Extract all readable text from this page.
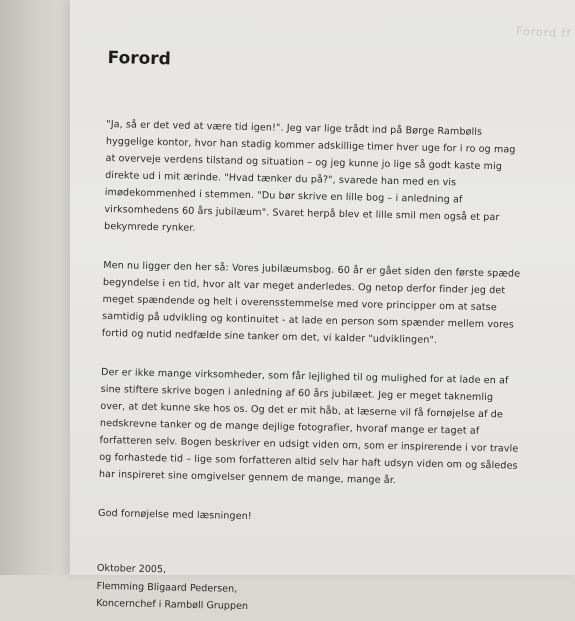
Forord ff
Forord

"Ja, så er det ved at være tid igen!". Jeg var lige trådt ind på Børge Rambølls hyggelige kontor, hvor han stadig kommer adskillige timer hver uge for i ro og mag at overveje verdens tilstand og situation – og jeg kunne jo lige så godt kaste mig direkte ud i mit ærinde. "Hvad tænker du på?", svarede han med en vis imødekommenhed i stemmen. "Du bør skrive en lille bog – i anledning af virksomhedens 60 års jubilæum". Svaret herpå blev et lille smil men også et par bekymrede rynker.

Men nu ligger den her så: Vores jubilæumsbog. 60 år er gået siden den første spæde begyndelse i en tid, hvor alt var meget anderledes. Og netop derfor finder jeg det meget spændende og helt i overensstemmelse med vore principper om at satse samtidig på udvikling og kontinuitet - at lade en person som spænder mellem vores fortid og nutid nedfælde sine tanker om det, vi kalder "udviklingen".

Der er ikke mange virksomheder, som får lejlighed til og mulighed for at lade en af sine stiftere skrive bogen i anledning af 60 års jubilæet. Jeg er meget taknemlig over, at det kunne ske hos os. Og det er mit håb, at læserne vil få fornøjelse af de nedskrevne tanker og de mange dejlige fotografier, hvoraf mange er taget af forfatteren selv. Bogen beskriver en udsigt viden om, som er inspirerende i vor travle og forhastede tid – lige som forfatteren altid selv har haft udsyn viden om og således har inspireret sine omgivelser gennem de mange, mange år.

God fornøjelse med læsningen!

Oktober 2005,
Flemming Bligaard Pedersen,
Koncernchef i Rambøll Gruppen
